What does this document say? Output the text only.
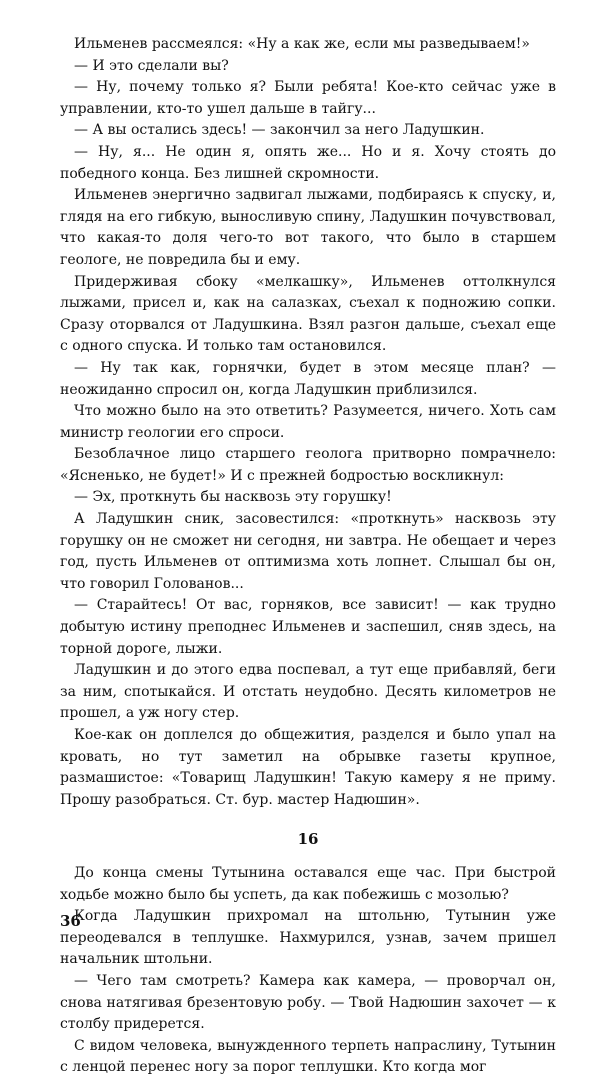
Ильменев рассмеялся: «Ну а как же, если мы разведываем!»

— И это сделали вы?

— Ну, почему только я? Были ребята! Кое-кто сейчас уже в управлении, кто-то ушел дальше в тайгу...

— А вы остались здесь! — закончил за него Ладушкин.

— Ну, я... Не один я, опять же... Но и я. Хочу стоять до победного конца. Без лишней скромности.

Ильменев энергично задвигал лыжами, подбираясь к спуску, и, глядя на его гибкую, выносливую спину, Ладушкин почувствовал, что какая-то доля чего-то вот такого, что было в старшем геологе, не повредила бы и ему.

Придерживая сбоку «мелкашку», Ильменев оттолкнулся лыжами, присел и, как на салазках, съехал к подножию сопки. Сразу оторвался от Ладушкина. Взял разгон дальше, съехал еще с одного спуска. И только там остановился.

— Ну так как, горнячки, будет в этом месяце план? — неожиданно спросил он, когда Ладушкин приблизился.

Что можно было на это ответить? Разумеется, ничего. Хоть сам министр геологии его спроси.

Безоблачное лицо старшего геолога притворно помрачнело: «Ясненько, не будет!» И с прежней бодростью воскликнул:

— Эх, проткнуть бы насквозь эту горушку!

А Ладушкин сник, засовестился: «проткнуть» насквозь эту горушку он не сможет ни сегодня, ни завтра. Не обещает и через год, пусть Ильменев от оптимизма хоть лопнет. Слышал бы он, что говорил Голованов...

— Старайтесь! От вас, горняков, все зависит! — как трудно добытую истину преподнес Ильменев и заспешил, сняв здесь, на торной дороге, лыжи.

Ладушкин и до этого едва поспевал, а тут еще прибавляй, беги за ним, спотыкайся. И отстать неудобно. Десять километров не прошел, а уж ногу стер.

Кое-как он доплелся до общежития, разделся и было упал на кровать, но тут заметил на обрывке газеты крупное, размашистое: «Товарищ Ладушкин! Такую камеру я не приму. Прошу разобраться. Ст. бур. мастер Надюшин».

16

До конца смены Тутынина оставался еще час. При быстрой ходьбе можно было бы успеть, да как побежишь с мозолью?

Когда Ладушкин прихромал на штольню, Тутынин уже переодевался в теплушке. Нахмурился, узнав, зачем пришел начальник штольни.

— Чего там смотреть? Камера как камера, — проворчал он, снова натягивая брезентовую робу. — Твой Надюшин захочет — к столбу придерется.

С видом человека, вынужденного терпеть напраслину, Тутынин с ленцой перенес ногу за порог теплушки. Кто когда мог

36
